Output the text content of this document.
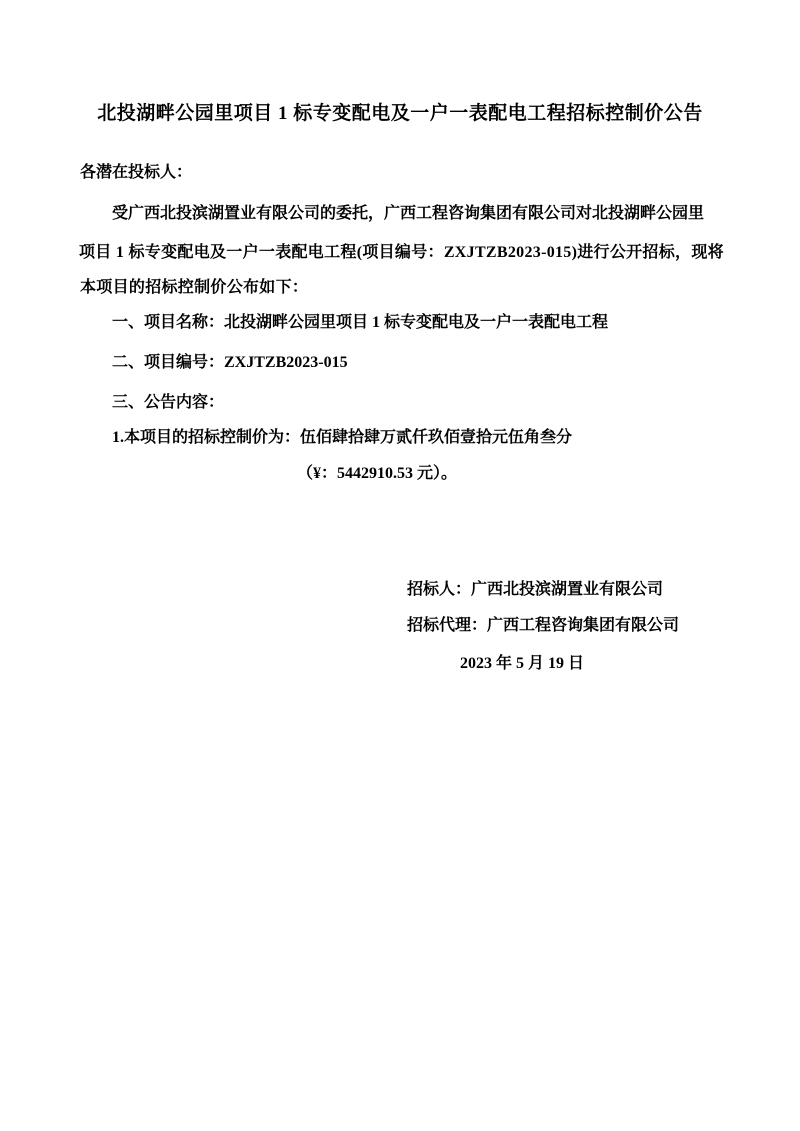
北投湖畔公园里项目 1 标专变配电及一户一表配电工程招标控制价公告
各潜在投标人：
受广西北投滨湖置业有限公司的委托，广西工程咨询集团有限公司对北投湖畔公园里
项目 1 标专变配电及一户一表配电工程(项目编号：ZXJTZB2023-015)进行公开招标，现将
本项目的招标控制价公布如下：
一、项目名称：北投湖畔公园里项目 1 标专变配电及一户一表配电工程
二、项目编号：ZXJTZB2023-015
三、公告内容：
1.本项目的招标控制价为：伍佰肆拾肆万贰仟玖佰壹拾元伍角叁分
（¥：5442910.53 元）。
招标人：广西北投滨湖置业有限公司
招标代理：广西工程咨询集团有限公司
2023 年 5 月 19 日
